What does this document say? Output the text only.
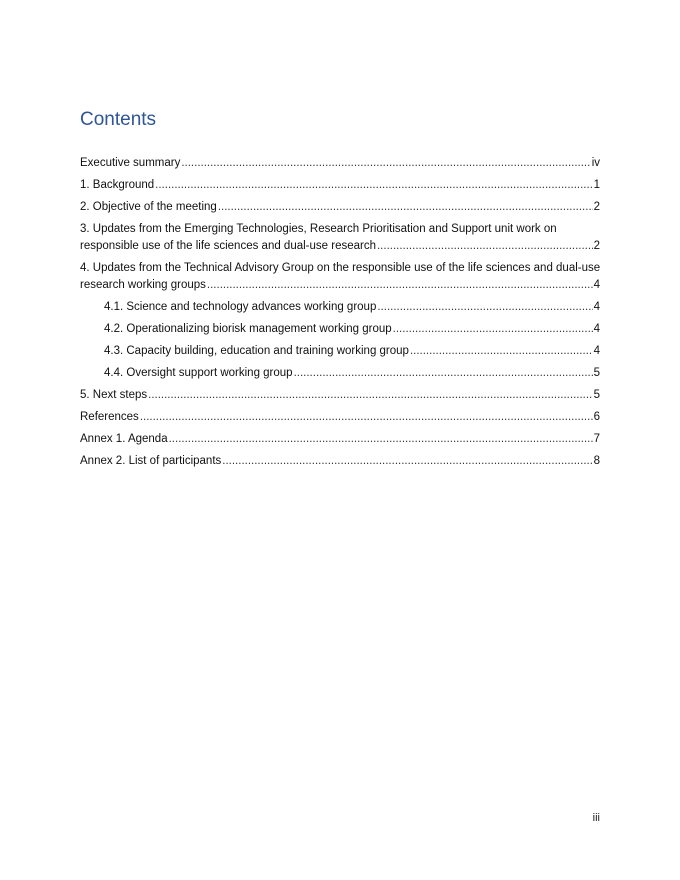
Contents
Executive summary .....	iv
1. Background .....	1
2. Objective of the meeting .....	2
3. Updates from the Emerging Technologies, Research Prioritisation and Support unit work on
responsible use of the life sciences and dual-use research .....	2
4. Updates from the Technical Advisory Group on the responsible use of the life sciences and dual-use
research working groups .....	4
4.1. Science and technology advances working group .....	4
4.2. Operationalizing biorisk management working group .....	4
4.3. Capacity building, education and training working group .....	4
4.4. Oversight support working group .....	5
5. Next steps .....	5
References .....	6
Annex 1. Agenda .....	7
Annex 2. List of participants .....	8
iii
